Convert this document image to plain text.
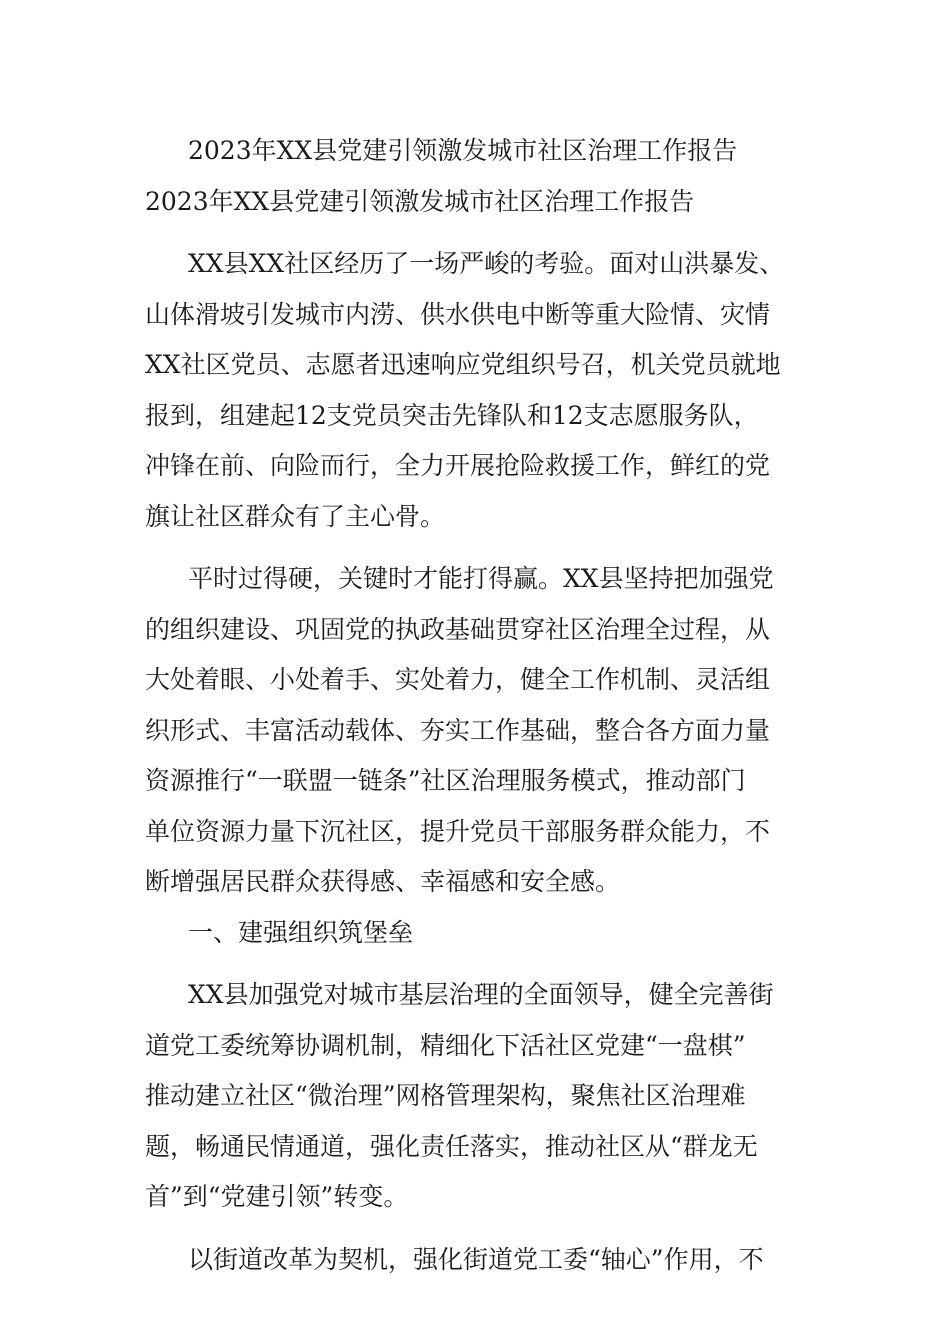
2023年XX县党建引领激发城市社区治理工作报告
2023年XX县党建引领激发城市社区治理工作报告
XX县XX社区经历了一场严峻的考验。面对山洪暴发、
山体滑坡引发城市内涝、供水供电中断等重大险情、灾情
XX社区党员、志愿者迅速响应党组织号召，机关党员就地
报到，组建起12支党员突击先锋队和12支志愿服务队，
冲锋在前、向险而行，全力开展抢险救援工作，鲜红的党
旗让社区群众有了主心骨。
平时过得硬，关键时才能打得赢。XX县坚持把加强党
的组织建设、巩固党的执政基础贯穿社区治理全过程，从
大处着眼、小处着手、实处着力，健全工作机制、灵活组
织形式、丰富活动载体、夯实工作基础，整合各方面力量
资源推行“一联盟一链条”社区治理服务模式，推动部门
单位资源力量下沉社区，提升党员干部服务群众能力，不
断增强居民群众获得感、幸福感和安全感。
一、建强组织筑堡垒
XX县加强党对城市基层治理的全面领导，健全完善街
道党工委统筹协调机制，精细化下活社区党建“一盘棋”
推动建立社区“微治理”网格管理架构，聚焦社区治理难
题，畅通民情通道，强化责任落实，推动社区从“群龙无
首”到“党建引领”转变。
以街道改革为契机，强化街道党工委“轴心”作用，不
